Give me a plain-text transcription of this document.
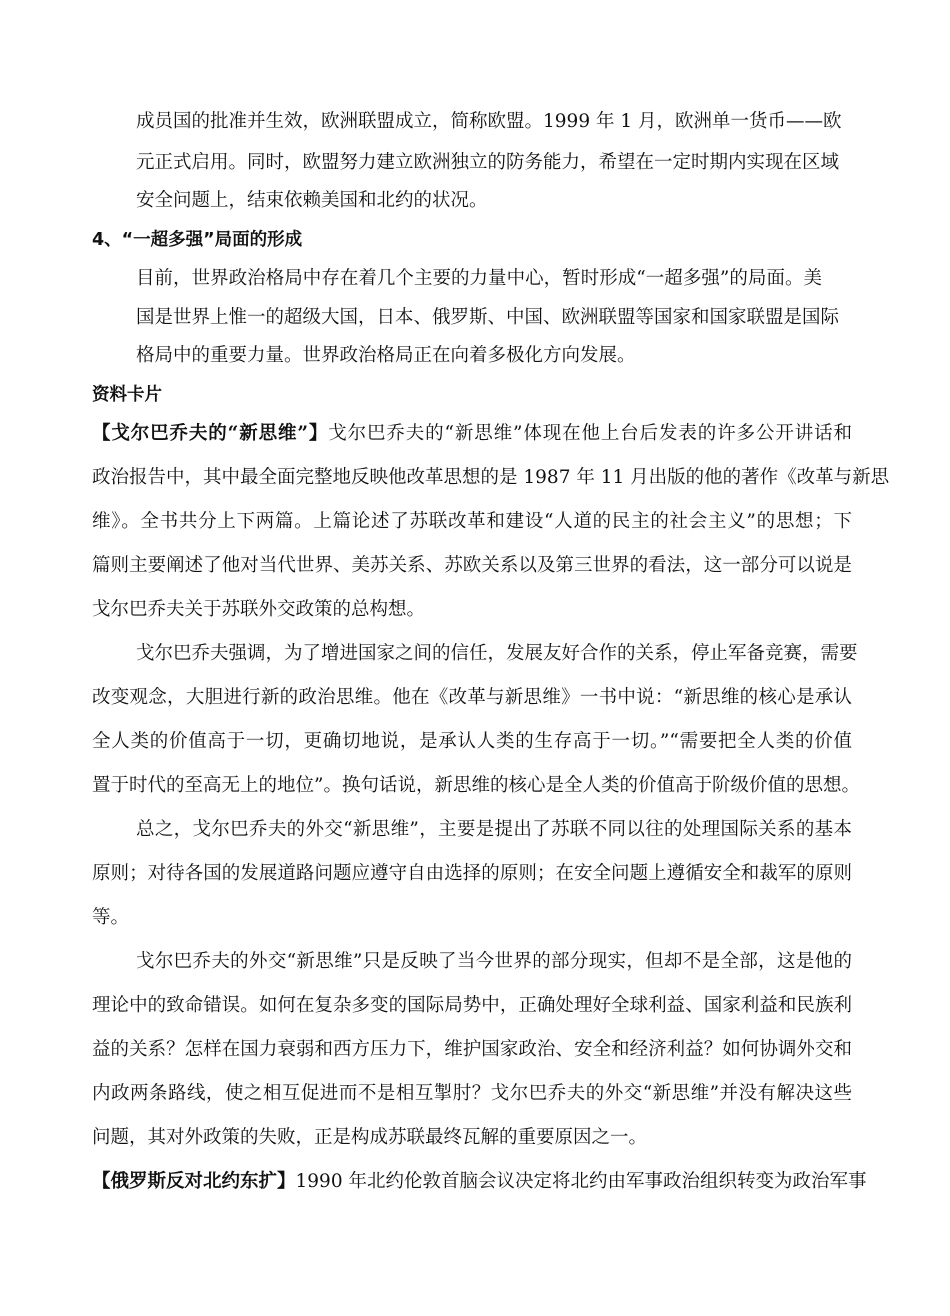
成员国的批准并生效，欧洲联盟成立，简称欧盟。1999 年 1 月，欧洲单一货币——欧
元正式启用。同时，欧盟努力建立欧洲独立的防务能力，希望在一定时期内实现在区域
安全问题上，结束依赖美国和北约的状况。
4、“一超多强”局面的形成
目前，世界政治格局中存在着几个主要的力量中心，暂时形成“一超多强”的局面。美
国是世界上惟一的超级大国，日本、俄罗斯、中国、欧洲联盟等国家和国家联盟是国际
格局中的重要力量。世界政治格局正在向着多极化方向发展。
资料卡片
【戈尔巴乔夫的“新思维”】戈尔巴乔夫的“新思维”体现在他上台后发表的许多公开讲话和
政治报告中，其中最全面完整地反映他改革思想的是 1987 年 11 月出版的他的著作《改革与新思
维》。全书共分上下两篇。上篇论述了苏联改革和建设“人道的民主的社会主义”的思想；下
篇则主要阐述了他对当代世界、美苏关系、苏欧关系以及第三世界的看法，这一部分可以说是
戈尔巴乔夫关于苏联外交政策的总构想。
戈尔巴乔夫强调，为了增进国家之间的信任，发展友好合作的关系，停止军备竞赛，需要
改变观念，大胆进行新的政治思维。他在《改革与新思维》一书中说：“新思维的核心是承认
全人类的价值高于一切，更确切地说，是承认人类的生存高于一切。”“需要把全人类的价值
置于时代的至高无上的地位”。换句话说，新思维的核心是全人类的价值高于阶级价值的思想。
总之，戈尔巴乔夫的外交“新思维”，主要是提出了苏联不同以往的处理国际关系的基本
原则；对待各国的发展道路问题应遵守自由选择的原则；在安全问题上遵循安全和裁军的原则
等。
戈尔巴乔夫的外交“新思维”只是反映了当今世界的部分现实，但却不是全部，这是他的
理论中的致命错误。如何在复杂多变的国际局势中，正确处理好全球利益、国家利益和民族利
益的关系？怎样在国力衰弱和西方压力下，维护国家政治、安全和经济利益？如何协调外交和
内政两条路线，使之相互促进而不是相互掣肘？戈尔巴乔夫的外交“新思维”并没有解决这些
问题，其对外政策的失败，正是构成苏联最终瓦解的重要原因之一。
【俄罗斯反对北约东扩】1990 年北约伦敦首脑会议决定将北约由军事政治组织转变为政治军事
